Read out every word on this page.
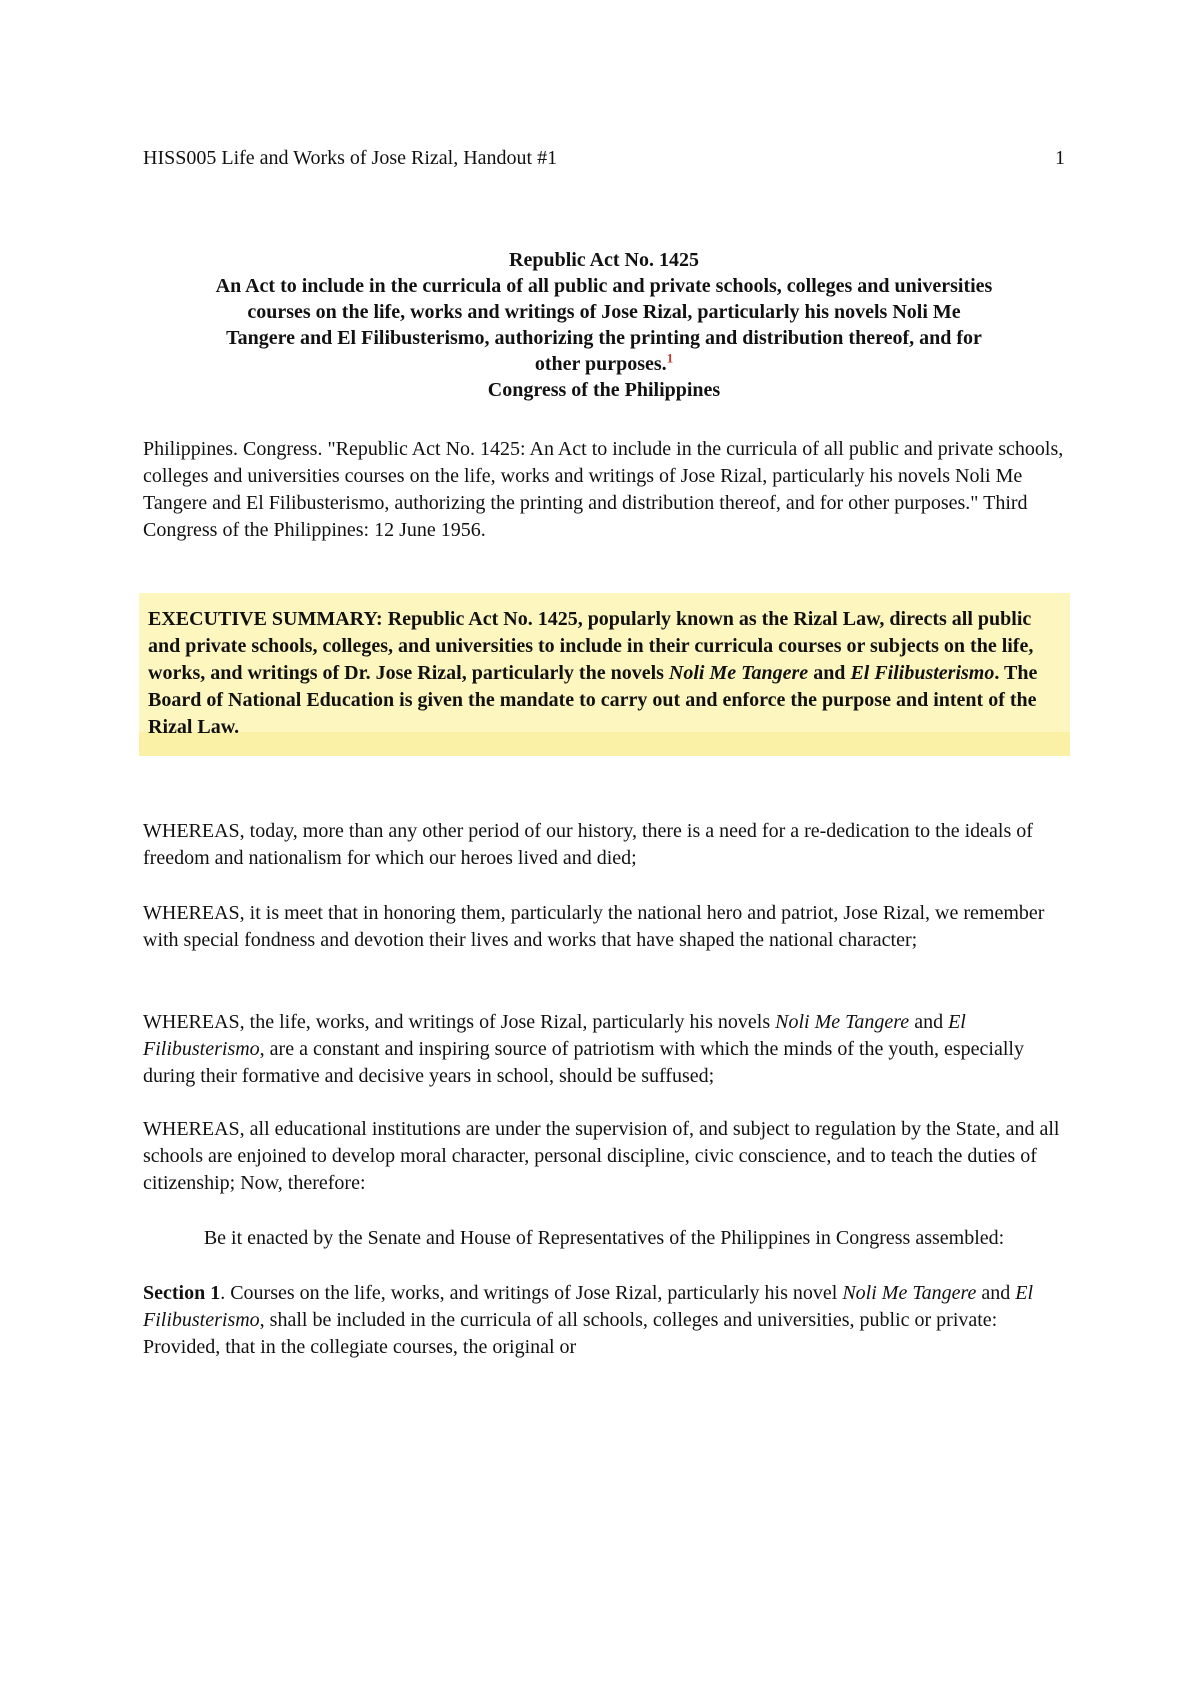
HISS005 Life and Works of Jose Rizal, Handout #1	1
Republic Act No. 1425
An Act to include in the curricula of all public and private schools, colleges and universities
courses on the life, works and writings of Jose Rizal, particularly his novels Noli Me
Tangere and El Filibusterismo, authorizing the printing and distribution thereof, and for
other purposes.$^1$
Congress of the Philippines
Philippines. Congress. "Republic Act No. 1425: An Act to include in the curricula of all public and private schools, colleges and universities courses on the life, works and writings of Jose Rizal, particularly his novels Noli Me Tangere and El Filibusterismo, authorizing the printing and distribution thereof, and for other purposes." Third Congress of the Philippines: 12 June 1956.
EXECUTIVE SUMMARY: Republic Act No. 1425, popularly known as the Rizal Law, directs all public and private schools, colleges, and universities to include in their curricula courses or subjects on the life, works, and writings of Dr. Jose Rizal, particularly the novels Noli Me Tangere and El Filibusterismo. The Board of National Education is given the mandate to carry out and enforce the purpose and intent of the Rizal Law.
WHEREAS, today, more than any other period of our history, there is a need for a re-dedication to the ideals of freedom and nationalism for which our heroes lived and died;
WHEREAS, it is meet that in honoring them, particularly the national hero and patriot, Jose Rizal, we remember with special fondness and devotion their lives and works that have shaped the national character;
WHEREAS, the life, works, and writings of Jose Rizal, particularly his novels Noli Me Tangere and El Filibusterismo, are a constant and inspiring source of patriotism with which the minds of the youth, especially during their formative and decisive years in school, should be suffused;
WHEREAS, all educational institutions are under the supervision of, and subject to regulation by the State, and all schools are enjoined to develop moral character, personal discipline, civic conscience, and to teach the duties of citizenship; Now, therefore:
Be it enacted by the Senate and House of Representatives of the Philippines in Congress assembled:
Section 1. Courses on the life, works, and writings of Jose Rizal, particularly his novel Noli Me Tangere and El Filibusterismo, shall be included in the curricula of all schools, colleges and universities, public or private: Provided, that in the collegiate courses, the original or
